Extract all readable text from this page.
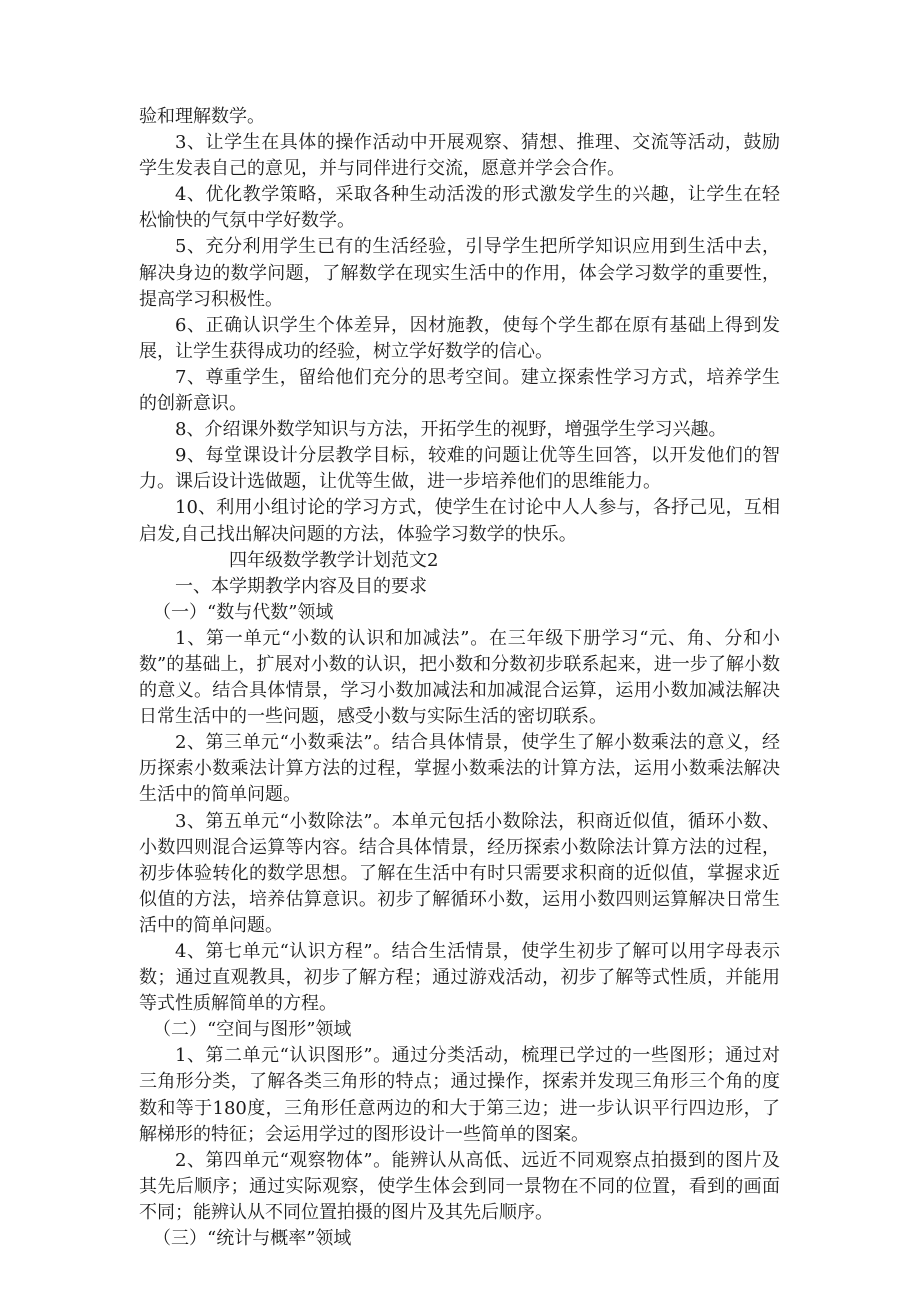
验和理解数学。

3、让学生在具体的操作活动中开展观察、猜想、推理、交流等活动，鼓励学生发表自己的意见，并与同伴进行交流，愿意并学会合作。

4、优化教学策略，采取各种生动活泼的形式激发学生的兴趣，让学生在轻松愉快的气氛中学好数学。

5、充分利用学生已有的生活经验，引导学生把所学知识应用到生活中去，解决身边的数学问题，了解数学在现实生活中的作用，体会学习数学的重要性，提高学习积极性。

6、正确认识学生个体差异，因材施教，使每个学生都在原有基础上得到发展，让学生获得成功的经验，树立学好数学的信心。

7、尊重学生，留给他们充分的思考空间。建立探索性学习方式，培养学生的创新意识。

8、介绍课外数学知识与方法，开拓学生的视野，增强学生学习兴趣。

9、每堂课设计分层教学目标，较难的问题让优等生回答，以开发他们的智力。课后设计选做题，让优等生做，进一步培养他们的思维能力。

10、利用小组讨论的学习方式，使学生在讨论中人人参与，各抒己见，互相启发,自己找出解决问题的方法，体验学习数学的快乐。

四年级数学教学计划范文2

一、本学期教学内容及目的要求

（一）“数与代数”领域

1、第一单元“小数的认识和加减法”。在三年级下册学习“元、角、分和小数”的基础上，扩展对小数的认识，把小数和分数初步联系起来，进一步了解小数的意义。结合具体情景，学习小数加减法和加减混合运算，运用小数加减法解决日常生活中的一些问题，感受小数与实际生活的密切联系。

2、第三单元“小数乘法”。结合具体情景，使学生了解小数乘法的意义，经历探索小数乘法计算方法的过程，掌握小数乘法的计算方法，运用小数乘法解决生活中的简单问题。

3、第五单元“小数除法”。本单元包括小数除法，积商近似值，循环小数、小数四则混合运算等内容。结合具体情景，经历探索小数除法计算方法的过程，初步体验转化的数学思想。了解在生活中有时只需要求积商的近似值，掌握求近似值的方法，培养估算意识。初步了解循环小数，运用小数四则运算解决日常生活中的简单问题。

4、第七单元“认识方程”。结合生活情景，使学生初步了解可以用字母表示数；通过直观教具，初步了解方程；通过游戏活动，初步了解等式性质，并能用等式性质解简单的方程。

（二）“空间与图形”领域

1、第二单元“认识图形”。通过分类活动，梳理已学过的一些图形；通过对三角形分类，了解各类三角形的特点；通过操作，探索并发现三角形三个角的度数和等于180度，三角形任意两边的和大于第三边；进一步认识平行四边形，了解梯形的特征；会运用学过的图形设计一些简单的图案。

2、第四单元“观察物体”。能辨认从高低、远近不同观察点拍摄到的图片及其先后顺序；通过实际观察，使学生体会到同一景物在不同的位置，看到的画面不同；能辨认从不同位置拍摄的图片及其先后顺序。

（三）“统计与概率”领域
